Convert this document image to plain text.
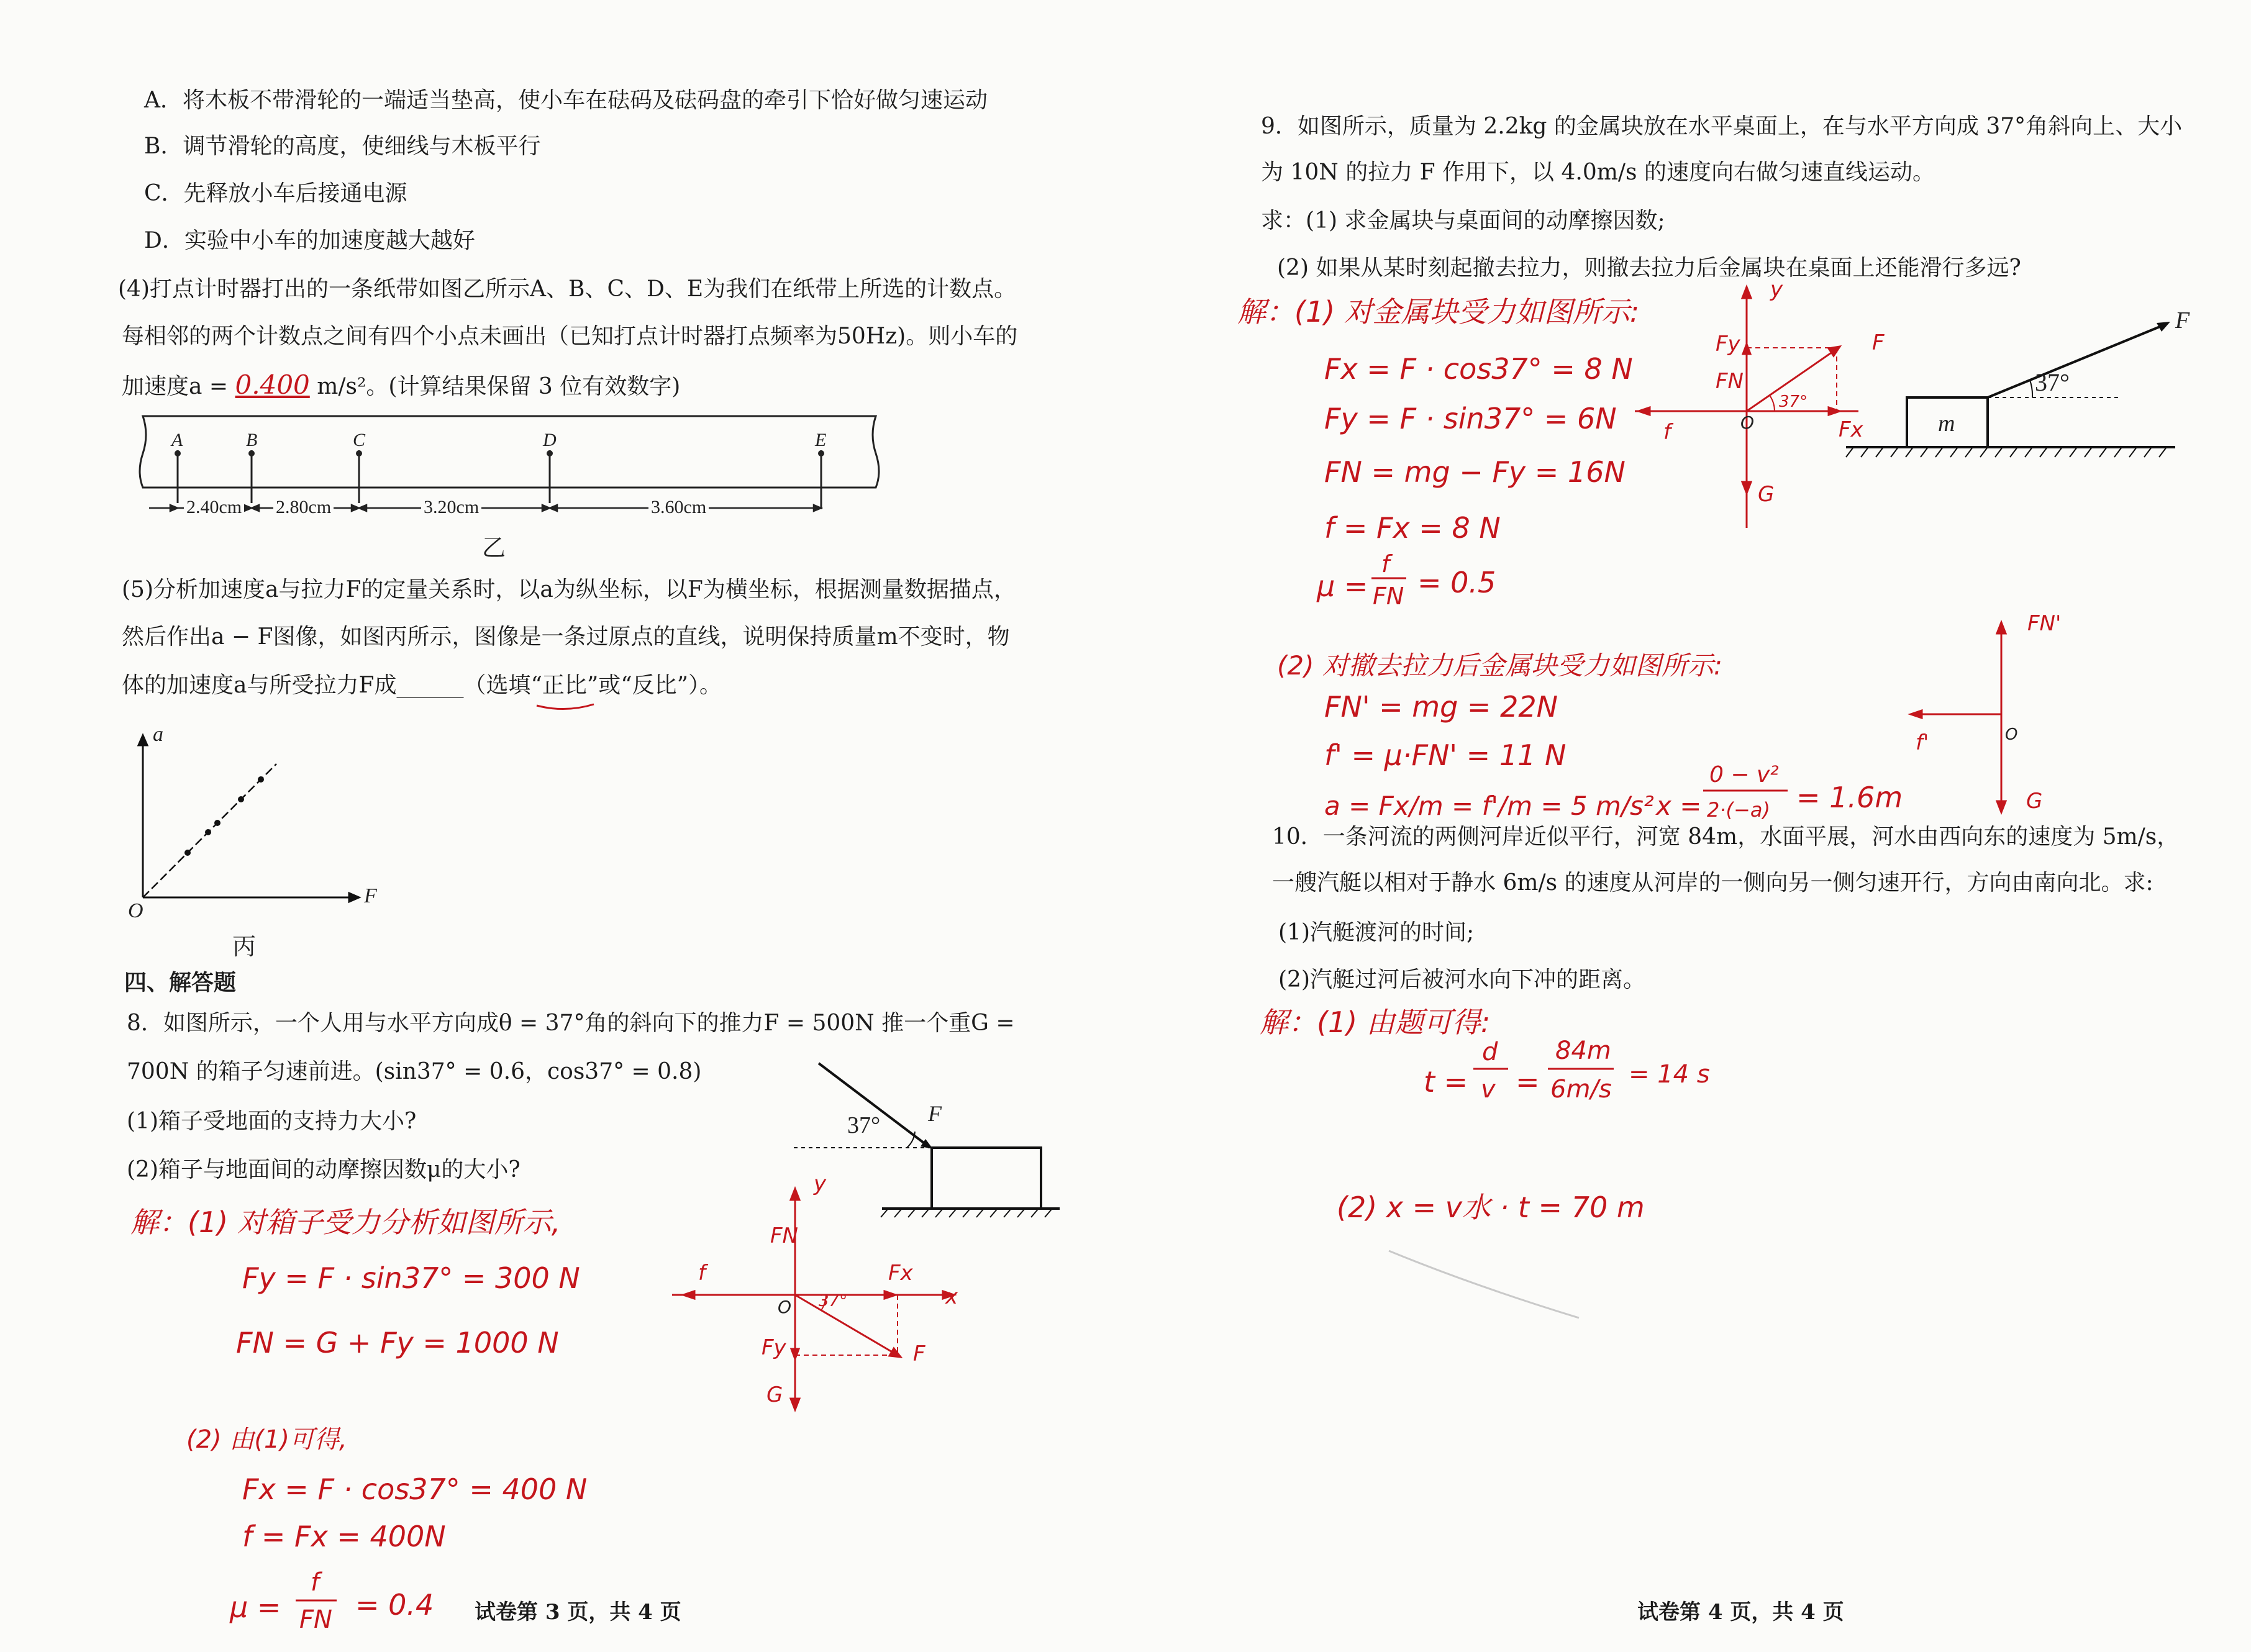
A．将木板不带滑轮的一端适当垫高，使小车在砝码及砝码盘的牵引下恰好做匀速运动
B．调节滑轮的高度，使细线与木板平行
C．先释放小车后接通电源
D．实验中小车的加速度越大越好
(4)打点计时器打出的一条纸带如图乙所示A、B、C、D、E为我们在纸带上所选的计数点。
每相邻的两个计数点之间有四个小点未画出（已知打点计时器打点频率为50Hz)。则小车的
加速度a = 0.400 m/s²。(计算结果保留 3 位有效数字)
A	B	C	D	E
2.40cm 2.80cm	3.20cm	3.60cm
乙
(5)分析加速度a与拉力F的定量关系时，以a为纵坐标，以F为横坐标，根据测量数据描点，
然后作出a − F图像，如图丙所示，图像是一条过原点的直线，说明保持质量m不变时，物
体的加速度a与所受拉力F成______（选填“正比”或“反比”）。
a
F
O
丙
四、解答题
8．如图所示，一个人用与水平方向成θ = 37°角的斜向下的推力F = 500N 推一个重G =
700N 的箱子匀速前进。(sin37° = 0.6，cos37° = 0.8)
(1)箱子受地面的支持力大小?
(2)箱子与地面间的动摩擦因数μ的大小?
37° F
y
x
FN
f	Fx
Fy
G
O 37°
F
解：(1) 对箱子受力分析如图所示,
Fy = F · sin37° = 300 N
FN = G + Fy = 1000 N
(2) 由(1)可得,
Fx = F · cos37° = 400 N
f = Fx = 400N
μ =
f
FN = 0.4 试卷第 3 页，共 4 页
9．如图所示，质量为 2.2kg 的金属块放在水平桌面上，在与水平方向成 37°角斜向上、大小
为 10N 的拉力 F 作用下，以 4.0m/s 的速度向右做匀速直线运动。
求：(1) 求金属块与桌面间的动摩擦因数;
(2) 如果从某时刻起撤去拉力，则撤去拉力后金属块在桌面上还能滑行多远?
F
37°
m
y
Fy
FN
F
37°
f	O	Fx
G
解：(1) 对金属块受力如图所示:
Fx = F · cos37° = 8 N
Fy = F · sin37° = 6N
FN = mg − Fy = 16N
f = Fx = 8 N
μ =
f
FN = 0.5
(2) 对撤去拉力后金属块受力如图所示:
FN' = mg = 22N
f' = μ·FN' = 11 N
a = Fx/m = f'/m = 5 m/s² x =
0 − v²
2·(−a) = 1.6m
FN'
f'	O
G
10．一条河流的两侧河岸近似平行，河宽 84m，水面平展，河水由西向东的速度为 5m/s，
一艘汽艇以相对于静水 6m/s 的速度从河岸的一侧向另一侧匀速开行，方向由南向北。求:
(1)汽艇渡河的时间;
(2)汽艇过河后被河水向下冲的距离。
解：(1) 由题可得:
t =
d
v =
84m
6m/s
= 14 s
(2) x = v水 · t = 70 m
试卷第 4 页，共 4 页
